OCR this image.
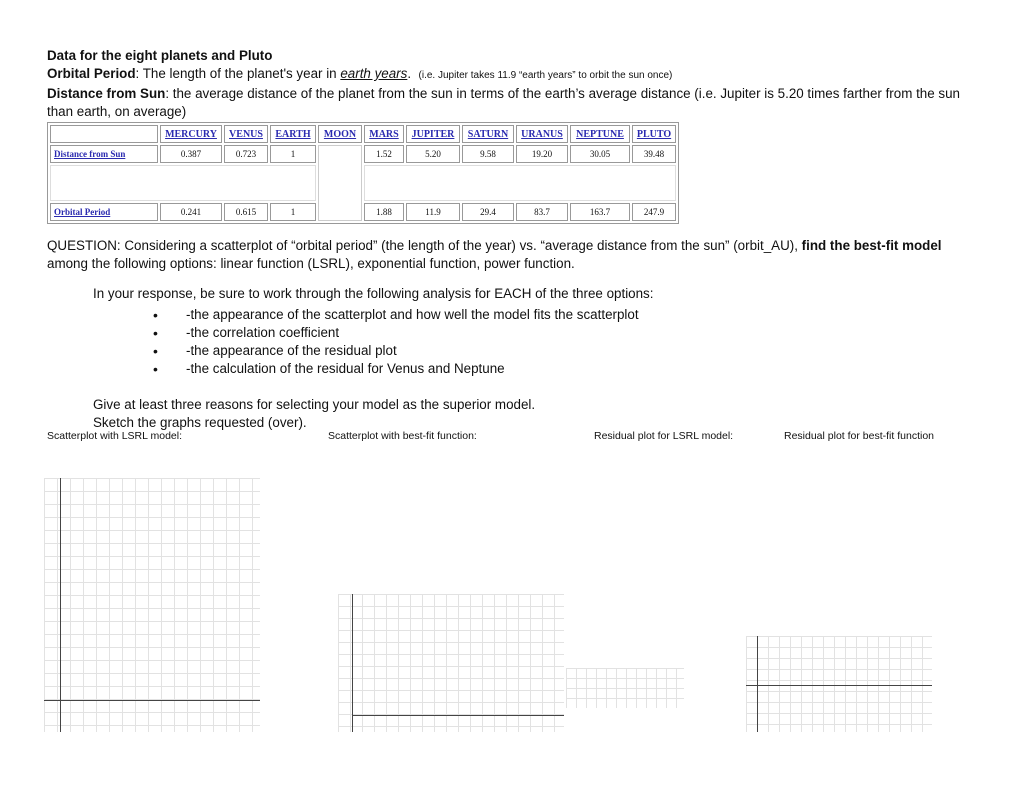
Data for the eight planets and Pluto

Orbital Period: The length of the planet's year in earth years. (i.e. Jupiter takes 11.9 “earth years” to orbit the sun once)

Distance from Sun: the average distance of the planet from the sun in terms of the earth’s average distance (i.e. Jupiter is 5.20 times farther from the sun than earth, on average)

	MERCURY	VENUS	EARTH	MOON	MARS	JUPITER	SATURN	URANUS	NEPTUNE	PLUTO
Distance from Sun	0.387	0.723	1		1.52	5.20	9.58	19.20	30.05	39.48

Orbital Period	0.241	0.615	1		1.88	11.9	29.4	83.7	163.7	247.9

QUESTION: Considering a scatterplot of “orbital period” (the length of the year) vs. “average distance from the sun” (orbit_AU), find the best-fit model among the following options: linear function (LSRL), exponential function, power function.

In your response, be sure to work through the following analysis for EACH of the three options:
• -the appearance of the scatterplot and how well the model fits the scatterplot
• -the correlation coefficient
• -the appearance of the residual plot
• -the calculation of the residual for Venus and Neptune

Give at least three reasons for selecting your model as the superior model.

Sketch the graphs requested (over).

Scatterplot with LSRL model:	Scatterplot with best-fit function:	Residual plot for LSRL model:	Residual plot for best-fit function
